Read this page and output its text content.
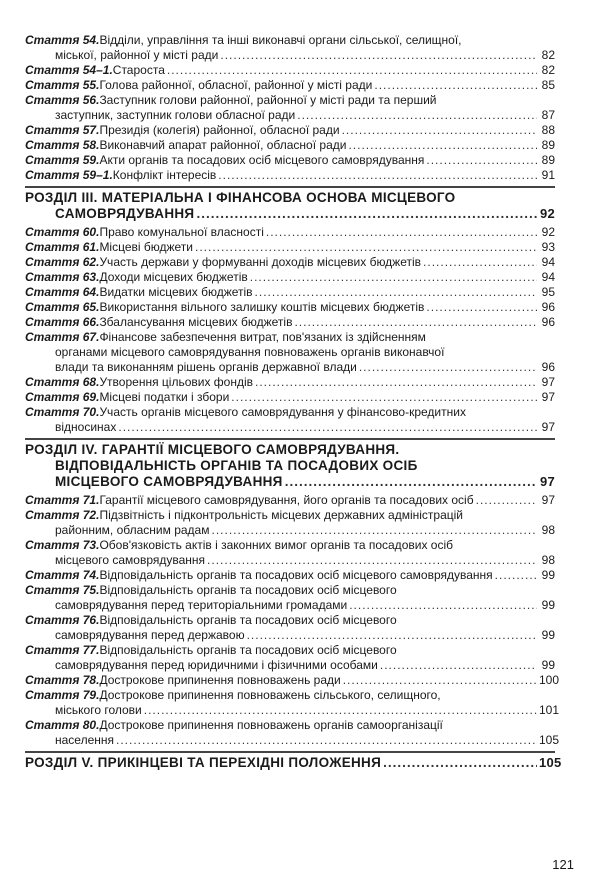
Стаття 54. Відділи, управління та інші виконавчі органи сільської, селищної,
міської, районної у місті ради .....	82
Стаття 54–1. Староста .....	82
Стаття 55. Голова районної, обласної, районної у місті ради .....	85
Стаття 56. Заступник голови районної, районної у місті ради та перший
заступник, заступник голови обласної ради .....	87
Стаття 57. Президія (колегія) районної, обласної ради .....	88
Стаття 58. Виконавчий апарат районної, обласної ради .....	89
Стаття 59. Акти органів та посадових осіб місцевого самоврядування .....	89
Стаття 59–1. Конфлікт інтересів .....	91
РОЗДІЛ ІІІ. МАТЕРІАЛЬНА І ФІНАНСОВА ОСНОВА МІСЦЕВОГО
САМОВРЯДУВАННЯ .....	92
Стаття 60. Право комунальної власності .....	92
Стаття 61. Місцеві бюджети .....	93
Стаття 62. Участь держави у формуванні доходів місцевих бюджетів .....	94
Стаття 63. Доходи місцевих бюджетів .....	94
Стаття 64. Видатки місцевих бюджетів .....	95
Стаття 65. Використання вільного залишку коштів місцевих бюджетів .....	96
Стаття 66. Збалансування місцевих бюджетів .....	96
Стаття 67. Фінансове забезпечення витрат, пов'язаних із здійсненням
органами місцевого самоврядування повноважень органів виконавчої
влади та виконанням рішень органів державної влади .....	96
Стаття 68. Утворення цільових фондів .....	97
Стаття 69. Місцеві податки і збори .....	97
Стаття 70. Участь органів місцевого самоврядування у фінансово-кредитних
відносинах .....	97
РОЗДІЛ IV. ГАРАНТІЇ МІСЦЕВОГО САМОВРЯДУВАННЯ.
ВІДПОВІДАЛЬНІСТЬ ОРГАНІВ ТА ПОСАДОВИХ ОСІБ
МІСЦЕВОГО САМОВРЯДУВАННЯ .....	97
Стаття 71. Гарантії місцевого самоврядування, його органів та посадових осіб .....	97
Стаття 72. Підзвітність і підконтрольність місцевих державних адміністрацій
районним, обласним радам .....	98
Стаття 73. Обов'язковість актів і законних вимог органів та посадових осіб
місцевого самоврядування .....	98
Стаття 74. Відповідальність органів та посадових осіб місцевого самоврядування .....	99
Стаття 75. Відповідальність органів та посадових осіб місцевого
самоврядування перед територіальними громадами .....	99
Стаття 76. Відповідальність органів та посадових осіб місцевого
самоврядування перед державою .....	99
Стаття 77. Відповідальність органів та посадових осіб місцевого
самоврядування перед юридичними і фізичними особами .....	99
Стаття 78. Дострокове припинення повноважень ради .....	100
Стаття 79. Дострокове припинення повноважень сільського, селищного,
міського голови .....	101
Стаття 80. Дострокове припинення повноважень органів самоорганізації
населення .....	105
РОЗДІЛ V. ПРИКІНЦЕВІ ТА ПЕРЕХІДНІ ПОЛОЖЕННЯ .....	105
121
